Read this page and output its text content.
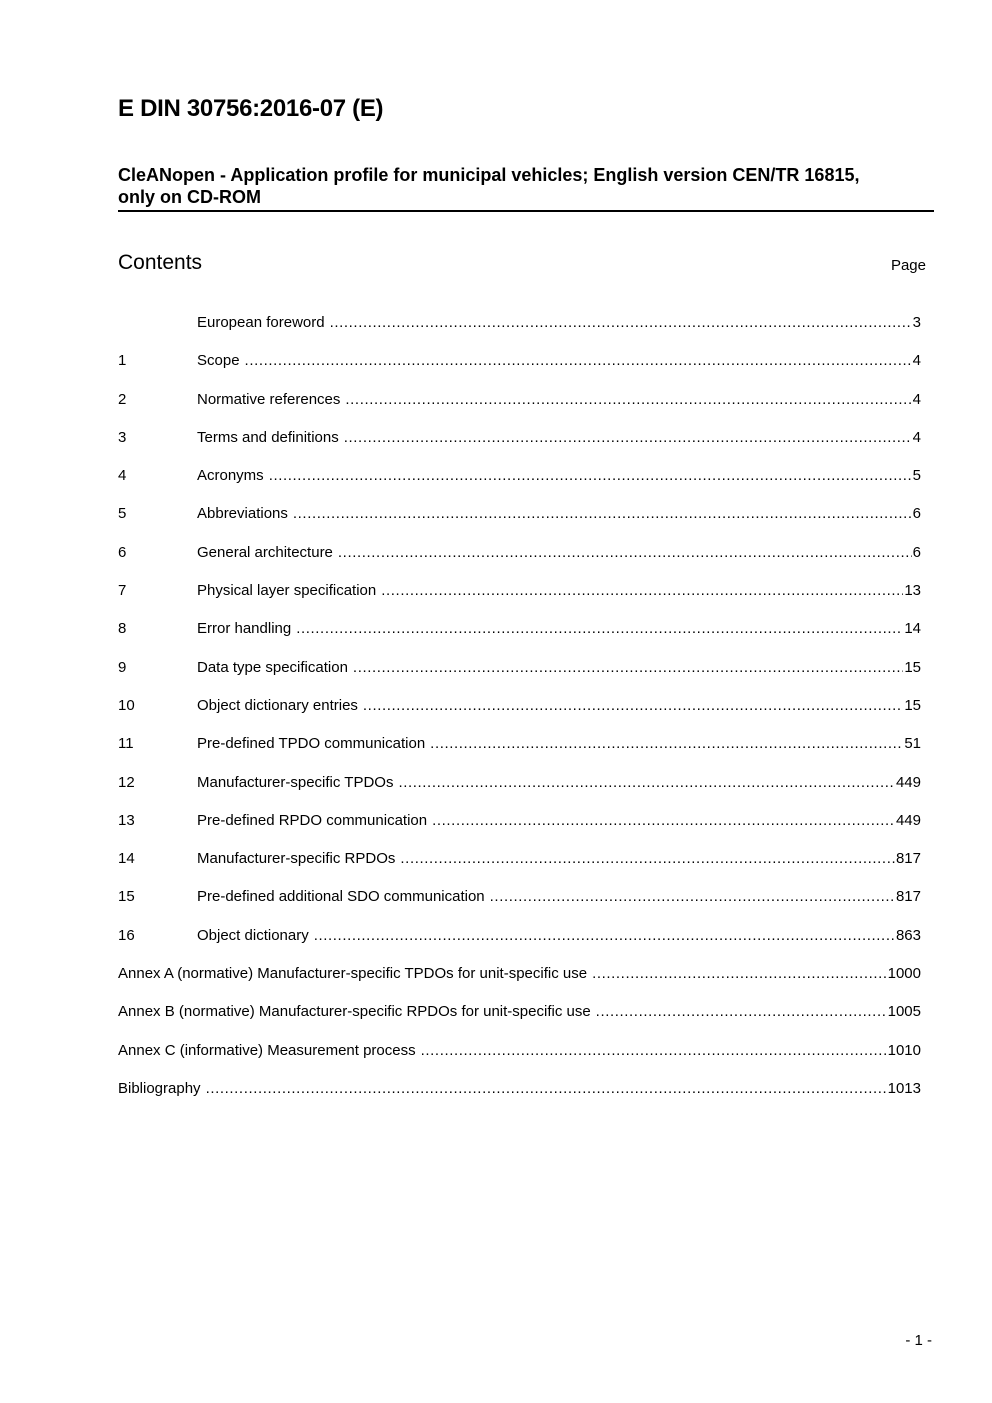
E DIN 30756:2016-07 (E)
CleANopen - Application profile for municipal vehicles; English version CEN/TR 16815, only on CD-ROM
Contents	Page
European foreword .....	3
1	Scope .....	4
2	Normative references .....	4
3	Terms and definitions .....	4
4	Acronyms .....	5
5	Abbreviations .....	6
6	General architecture .....	6
7	Physical layer specification .....	13
8	Error handling .....	14
9	Data type specification .....	15
10	Object dictionary entries .....	15
11	Pre-defined TPDO communication .....	51
12	Manufacturer-specific TPDOs .....	449
13	Pre-defined RPDO communication .....	449
14	Manufacturer-specific RPDOs .....	817
15	Pre-defined additional SDO communication .....	817
16	Object dictionary .....	863
Annex A (normative) Manufacturer-specific TPDOs for unit-specific use .....	1000
Annex B (normative) Manufacturer-specific RPDOs for unit-specific use .....	1005
Annex C (informative) Measurement process .....	1010
Bibliography .....	1013
- 1 -
